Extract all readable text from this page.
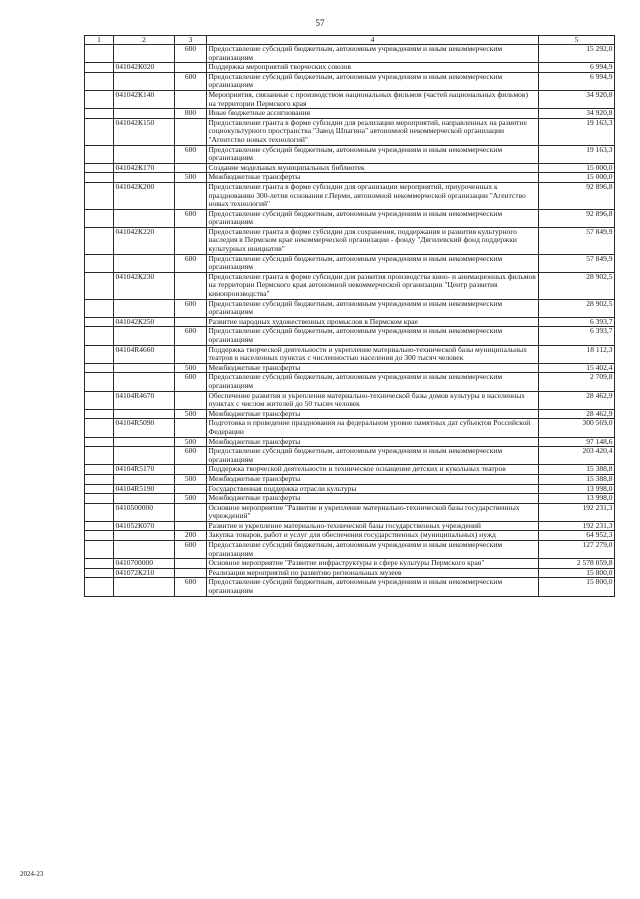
57
1	2	3	4	5
		600	Предоставление субсидий бюджетным, автономным учреждениям и иным некоммерческим организациям	15 292,0
	041042К020		Поддержка мероприятий творческих союзов	6 994,9
		600	Предоставление субсидий бюджетным, автономным учреждениям и иным некоммерческим организациям	6 994,9
	041042К140		Мероприятия, связанные с производством национальных фильмов (частей национальных фильмов) на территории Пермского края	34 920,8
		800	Иные бюджетные ассигнования	34 920,8
	041042К150		Предоставление гранта в форме субсидии для реализации мероприятий, направленных на развитие социокультурного пространства "Завод Шпагина" автономной некоммерческой организации "Агентство новых технологий"	19 163,3
		600	Предоставление субсидий бюджетным, автономным учреждениям и иным некоммерческим организациям	19 163,3
	041042К170		Создание модельных муниципальных библиотек	15 000,0
		500	Межбюджетные трансферты	15 000,0
	041042К200		Предоставление гранта в форме субсидии для организации мероприятий, приуроченных к празднованию 300-летия основания г.Перми, автономной некоммерческой организации "Агентство новых технологий"	92 896,8
		600	Предоставление субсидий бюджетным, автономным учреждениям и иным некоммерческим организациям	92 896,8
	041042К220		Предоставление гранта в форме субсидии для сохранения, поддержания и развития культурного наследия в Пермском крае некоммерческой организации - фонду "Дягилевский фонд поддержки культурных инициатив"	57 849,9
		600	Предоставление субсидий бюджетным, автономным учреждениям и иным некоммерческим организациям	57 849,9
	041042К230		Предоставление гранта в форме субсидии для развития производства кино- и анимационных фильмов на территории Пермского края автономной некоммерческой организации "Центр развития кинопроизводства"	28 902,5
		600	Предоставление субсидий бюджетным, автономным учреждениям и иным некоммерческим организациям	28 902,5
	041042К250		Развитие народных художественных промыслов в Пермском крае	6 393,7
		600	Предоставление субсидий бюджетным, автономным учреждениям и иным некоммерческим организациям	6 393,7
	04104R4660		Поддержка творческой деятельности и укрепление материально-технической базы муниципальных театров в населенных пунктах с численностью населения до 300 тысяч человек	18 112,3
		500	Межбюджетные трансферты	15 402,4
		600	Предоставление субсидий бюджетным, автономным учреждениям и иным некоммерческим организациям	2 709,8
	04104R4670		Обеспечение развития и укрепления материально-технической базы домов культуры в населенных пунктах с числом жителей до 50 тысяч человек	28 462,9
		500	Межбюджетные трансферты	28 462,9
	04104R5090		Подготовка и проведение празднования на федеральном уровне памятных дат субъектов Российской Федерации	300 569,0
		500	Межбюджетные трансферты	97 148,6
		600	Предоставление субсидий бюджетным, автономным учреждениям и иным некоммерческим организациям	203 420,4
	04104R5170		Поддержка творческой деятельности и техническое оснащение детских и кукольных театров	15 388,8
		500	Межбюджетные трансферты	15 388,8
	04104R5190		Государственная поддержка отрасли культуры	13 998,0
		500	Межбюджетные трансферты	13 998,0
	0410500000		Основное мероприятие "Развитие и укрепление материально-технической базы государственных учреждений"	192 231,3
	041052К070		Развитие и укрепление материально-технической базы государственных учреждений	192 231,3
		200	Закупка товаров, работ и услуг для обеспечения государственных (муниципальных) нужд	64 952,3
		600	Предоставление субсидий бюджетным, автономным учреждениям и иным некоммерческим организациям	127 279,0
	0410700000		Основное мероприятие "Развитие инфраструктуры в сфере культуры Пермского края"	2 578 059,8
	041072К210		Реализация мероприятий по развитию региональных музеев	15 800,0
		600	Предоставление субсидий бюджетным, автономным учреждениям и иным некоммерческим организациям	15 800,0
2024-23
